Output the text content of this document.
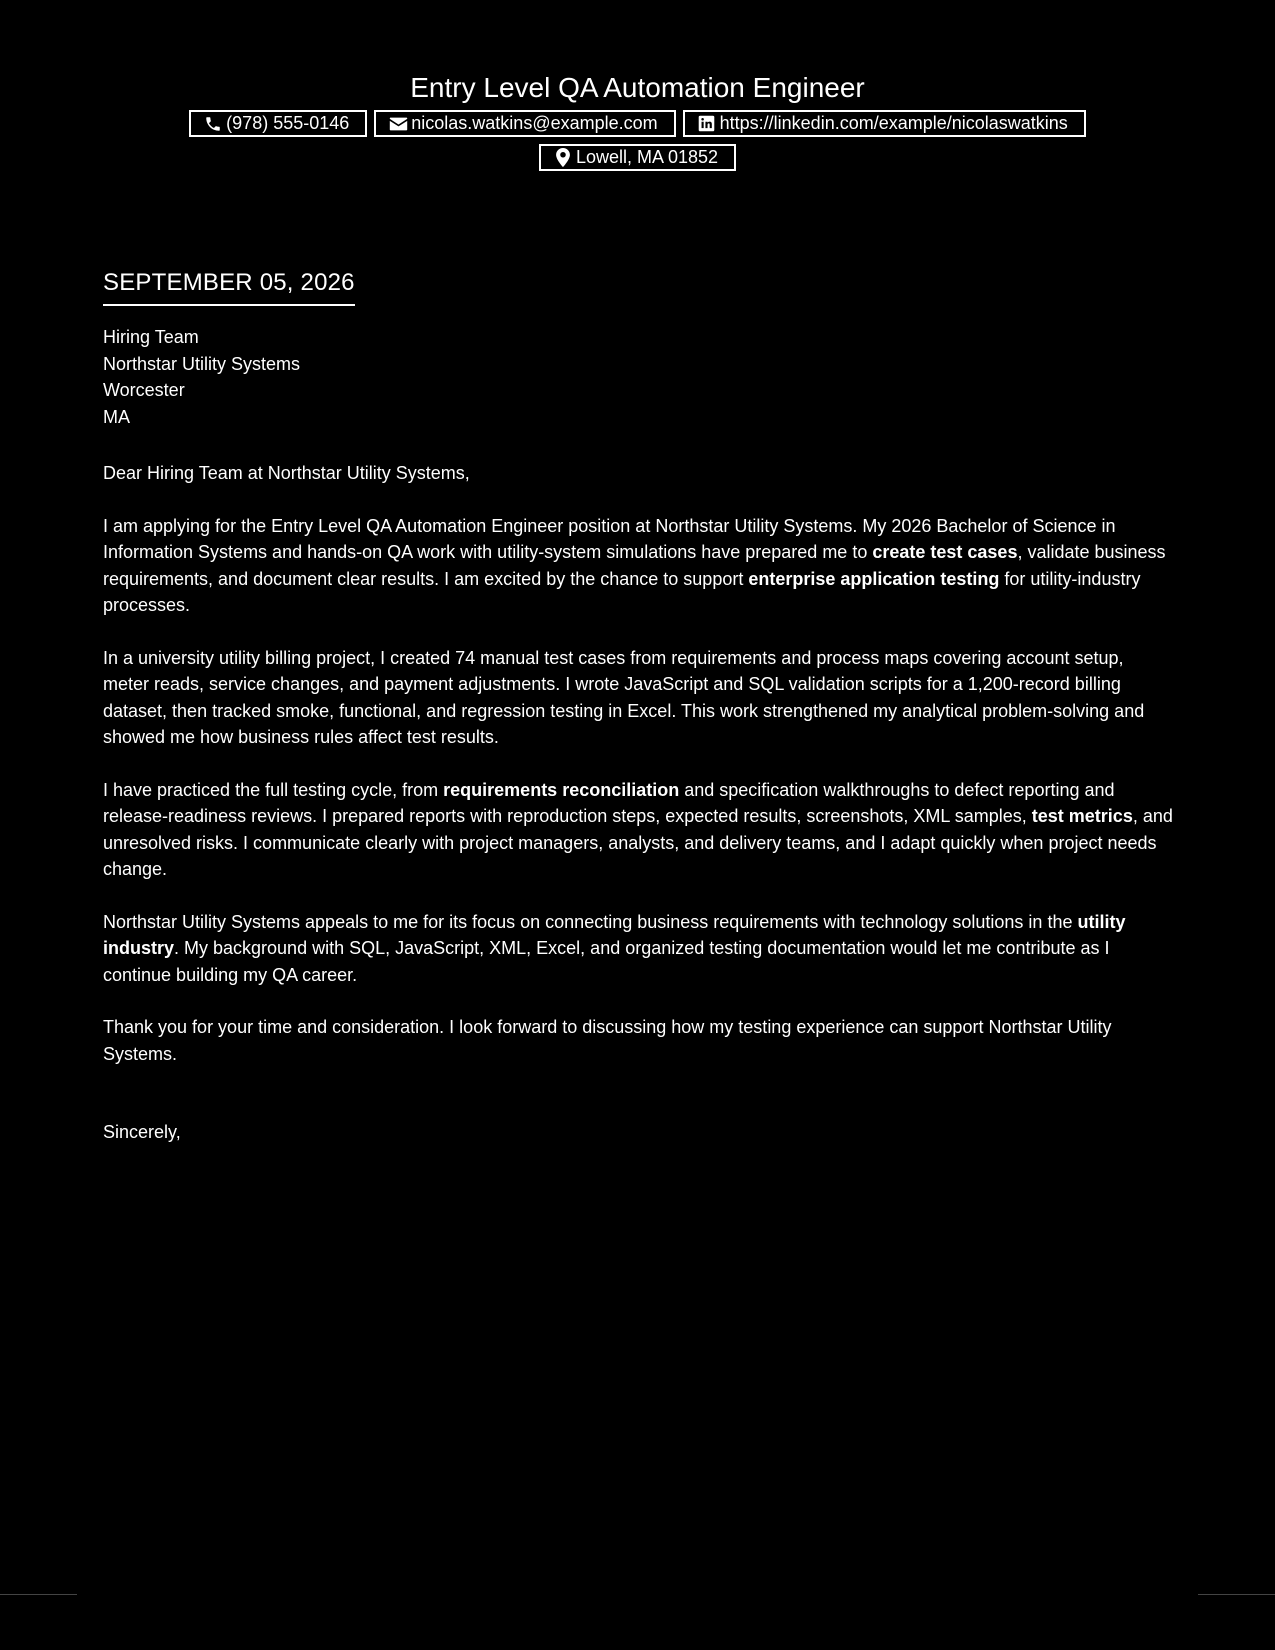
Entry Level QA Automation Engineer
(978) 555-0146	nicolas.watkins@example.com	https://linkedin.com/example/nicolaswatkins
Lowell, MA 01852
SEPTEMBER 05, 2026
Hiring Team
Northstar Utility Systems
Worcester
MA
Dear Hiring Team at Northstar Utility Systems,

I am applying for the Entry Level QA Automation Engineer position at Northstar Utility Systems. My 2026 Bachelor of Science in Information Systems and hands-on QA work with utility-system simulations have prepared me to create test cases, validate business requirements, and document clear results. I am excited by the chance to support enterprise application testing for utility-industry processes.

In a university utility billing project, I created 74 manual test cases from requirements and process maps covering account setup, meter reads, service changes, and payment adjustments. I wrote JavaScript and SQL validation scripts for a 1,200-record billing dataset, then tracked smoke, functional, and regression testing in Excel. This work strengthened my analytical problem-solving and showed me how business rules affect test results.

I have practiced the full testing cycle, from requirements reconciliation and specification walkthroughs to defect reporting and release-readiness reviews. I prepared reports with reproduction steps, expected results, screenshots, XML samples, test metrics, and unresolved risks. I communicate clearly with project managers, analysts, and delivery teams, and I adapt quickly when project needs change.

Northstar Utility Systems appeals to me for its focus on connecting business requirements with technology solutions in the utility industry. My background with SQL, JavaScript, XML, Excel, and organized testing documentation would let me contribute as I continue building my QA career.

Thank you for your time and consideration. I look forward to discussing how my testing experience can support Northstar Utility Systems.

Sincerely,
